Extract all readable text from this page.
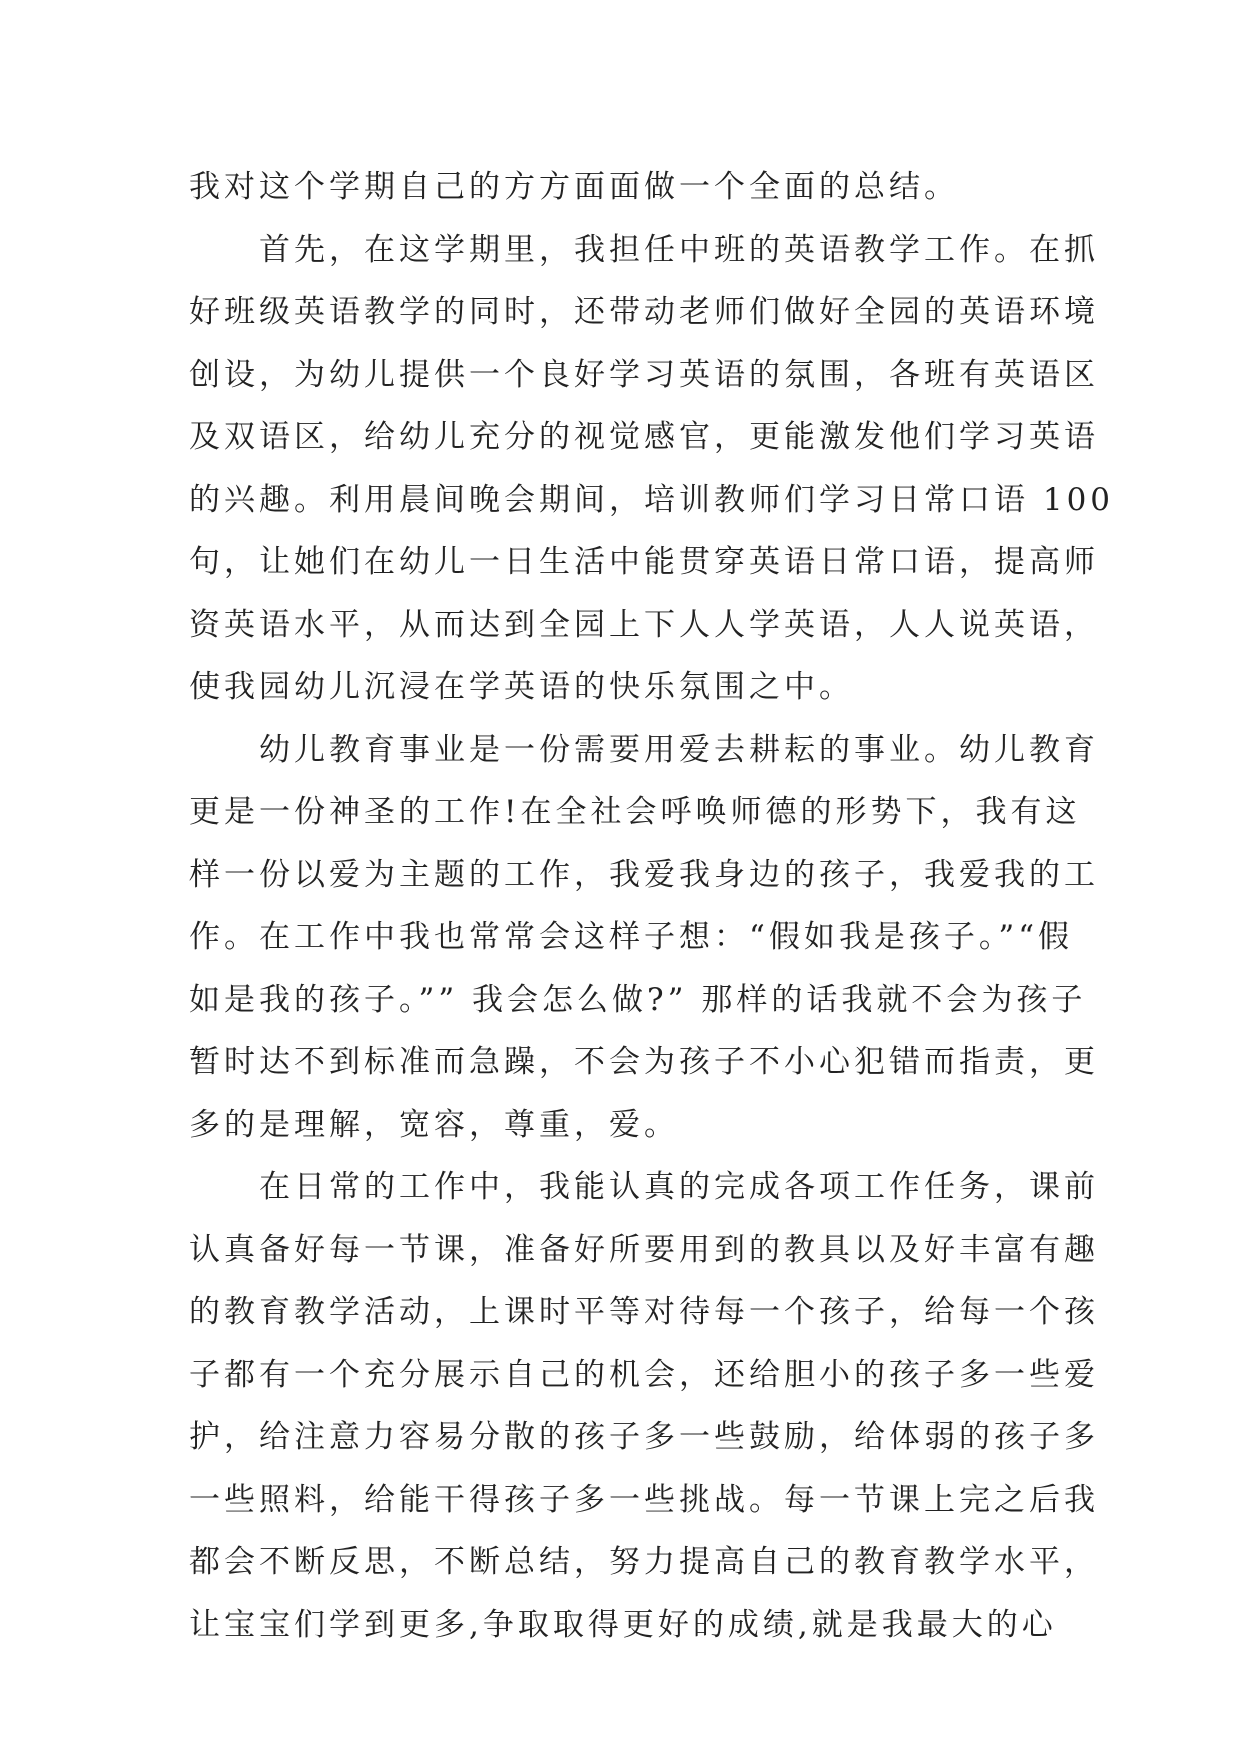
我对这个学期自己的方方面面做一个全面的总结。
首先，在这学期里，我担任中班的英语教学工作。在抓
好班级英语教学的同时，还带动老师们做好全园的英语环境
创设，为幼儿提供一个良好学习英语的氛围，各班有英语区
及双语区，给幼儿充分的视觉感官，更能激发他们学习英语
的兴趣。利用晨间晚会期间，培训教师们学习日常口语 100
句，让她们在幼儿一日生活中能贯穿英语日常口语，提高师
资英语水平，从而达到全园上下人人学英语，人人说英语，
使我园幼儿沉浸在学英语的快乐氛围之中。
幼儿教育事业是一份需要用爱去耕耘的事业。幼儿教育
更是一份神圣的工作!在全社会呼唤师德的形势下，我有这
样一份以爱为主题的工作，我爱我身边的孩子，我爱我的工
作。在工作中我也常常会这样子想：“假如我是孩子。”“假
如是我的孩子。”” 我会怎么做?” 那样的话我就不会为孩子
暂时达不到标准而急躁，不会为孩子不小心犯错而指责，更
多的是理解，宽容，尊重，爱。
在日常的工作中，我能认真的完成各项工作任务，课前
认真备好每一节课，准备好所要用到的教具以及好丰富有趣
的教育教学活动，上课时平等对待每一个孩子，给每一个孩
子都有一个充分展示自己的机会，还给胆小的孩子多一些爱
护，给注意力容易分散的孩子多一些鼓励，给体弱的孩子多
一些照料，给能干得孩子多一些挑战。每一节课上完之后我
都会不断反思，不断总结，努力提高自己的教育教学水平，
让宝宝们学到更多,争取取得更好的成绩,就是我最大的心
